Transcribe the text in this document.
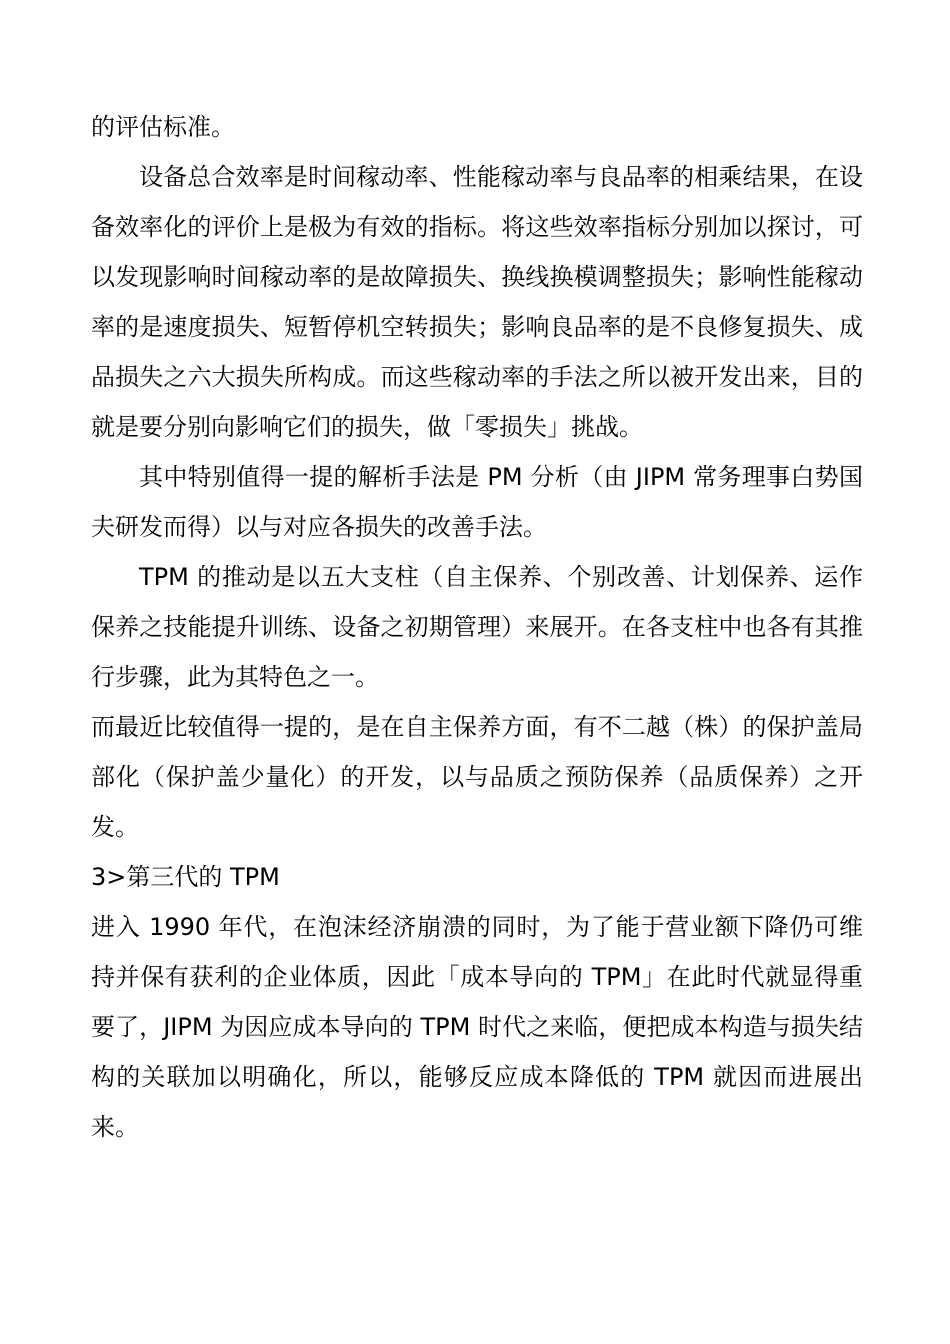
的评估标准。

设备总合效率是时间稼动率、性能稼动率与良品率的相乘结果，在设备效率化的评价上是极为有效的指标。将这些效率指标分别加以探讨，可以发现影响时间稼动率的是故障损失、换线换模调整损失；影响性能稼动率的是速度损失、短暂停机空转损失；影响良品率的是不良修复损失、成品损失之六大损失所构成。而这些稼动率的手法之所以被开发出来，目的就是要分别向影响它们的损失，做「零损失」挑战。

其中特别值得一提的解析手法是 PM 分析（由 JIPM 常务理事白势国夫研发而得）以与对应各损失的改善手法。

TPM 的推动是以五大支柱（自主保养、个别改善、计划保养、运作保养之技能提升训练、设备之初期管理）来展开。在各支柱中也各有其推行步骤，此为其特色之一。

而最近比较值得一提的，是在自主保养方面，有不二越（株）的保护盖局部化（保护盖少量化）的开发，以与品质之预防保养（品质保养）之开发。

3>第三代的 TPM

进入 1990 年代，在泡沫经济崩溃的同时，为了能于营业额下降仍可维持并保有获利的企业体质，因此「成本导向的 TPM」在此时代就显得重要了，JIPM 为因应成本导向的 TPM 时代之来临，便把成本构造与损失结构的关联加以明确化，所以，能够反应成本降低的 TPM 就因而进展出来。
